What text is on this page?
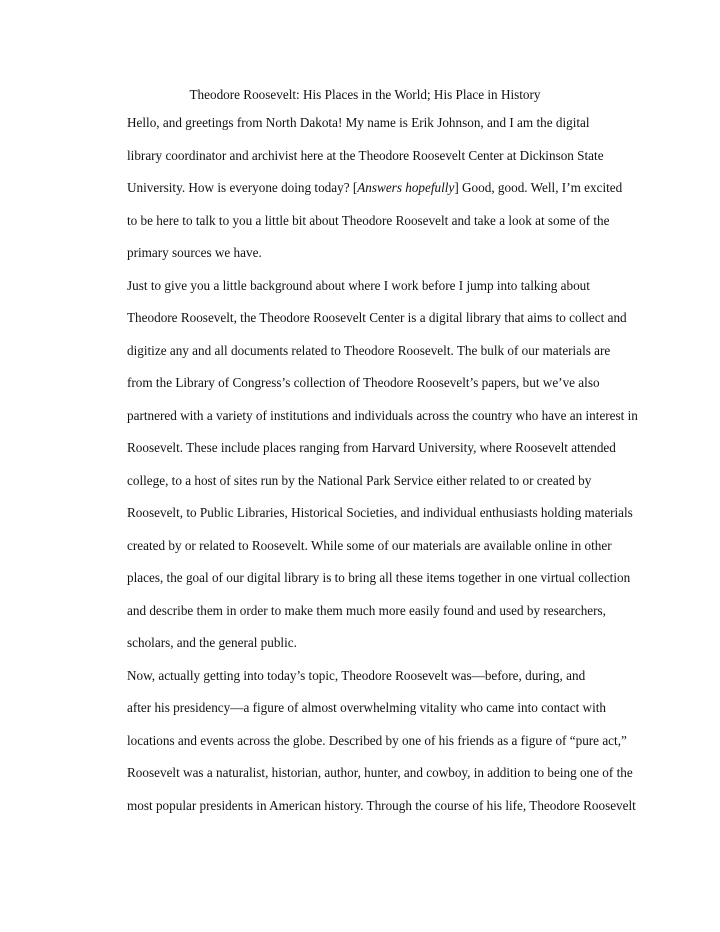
Theodore Roosevelt: His Places in the World; His Place in History

Hello, and greetings from North Dakota! My name is Erik Johnson, and I am the digital
library coordinator and archivist here at the Theodore Roosevelt Center at Dickinson State
University. How is everyone doing today? [Answers hopefully] Good, good. Well, I’m excited
to be here to talk to you a little bit about Theodore Roosevelt and take a look at some of the
primary sources we have.

Just to give you a little background about where I work before I jump into talking about
Theodore Roosevelt, the Theodore Roosevelt Center is a digital library that aims to collect and
digitize any and all documents related to Theodore Roosevelt. The bulk of our materials are
from the Library of Congress’s collection of Theodore Roosevelt’s papers, but we’ve also
partnered with a variety of institutions and individuals across the country who have an interest in
Roosevelt. These include places ranging from Harvard University, where Roosevelt attended
college, to a host of sites run by the National Park Service either related to or created by
Roosevelt, to Public Libraries, Historical Societies, and individual enthusiasts holding materials
created by or related to Roosevelt. While some of our materials are available online in other
places, the goal of our digital library is to bring all these items together in one virtual collection
and describe them in order to make them much more easily found and used by researchers,
scholars, and the general public.

Now, actually getting into today’s topic, Theodore Roosevelt was—before, during, and
after his presidency—a figure of almost overwhelming vitality who came into contact with
locations and events across the globe. Described by one of his friends as a figure of “pure act,”
Roosevelt was a naturalist, historian, author, hunter, and cowboy, in addition to being one of the
most popular presidents in American history. Through the course of his life, Theodore Roosevelt
